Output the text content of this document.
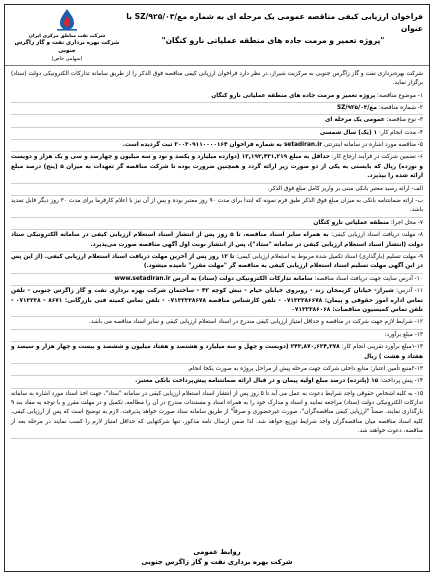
فراخوان ارزیابی کیفی مناقصه عمومی یک مرحله ای به شماره مع/۹۲۵/۰۳/SZ با عنوان
"پروژه تعمیر و مرمت جاده های منطقه عملیاتی نارو کنگان"
شرکت نفت مناطق مرکزی ایران
شرکت بهره برداری نفت و گاز زاگرس جنوبی
(سهامی خاص)
شرکت بهره‌برداری نفت و گاز زاگرس جنوبی به مرکزیت شیراز، در نظر دارد فراخوان ارزیابی کیفی مناقصه فوق الذکر را از طریق سامانه تدارکات الکترونیکی دولت (ستاد) برگزار نماید.
۱- موضوع مناقصه: پروژه تعمیر و مرمت جاده های منطقه عملیاتی نارو کنگان
۲- شماره مناقصه: مع/۹۲۵/۰۳/SZ
۳- نوع مناقصه: عمومی یک مرحله ای
۴- مدت انجام کار: ۱ (یک) سال شمسی
۵- مناقصه مورد اشاره در سامانه اینترنتی setadiran.ir به شماره فراخوان ۲۰۰۳۰۹۱۱۰۰۰۰۱۶۴ ثبت گردیده است.
۶- تضمین شرکت در فرآیند ارجاع کار: حداقل به مبلغ ۱۲,۱۹۳,۴۳۱,۲۱۹ (دوازده میلیارد و یکصد و نود و سه میلیون و چهارصد و سی و یک هزار و دویست و نوزده) ریال که بایستی به یکی از دو صورت زیر ارائه گردد و همچنین ضرورت بوده تا شرکت مناقصه گر تعهدات به میزان ۵ (پنج) درصد مبلغ ارائه شده را بپذیرد.
الف- ارائه رسید معتبر بانکی مبنی بر واریز کامل مبلغ فوق الذکر.
ب- ارائه ضمانتنامه بانکی به میزان مبلغ فوق الذکر طبق فرم نمونه که ابتدا برای مدت ۹۰ روز معتبر بوده و پس از آن نیز با اعلام کارفرما برای مدت ۳۰ روز دیگر قابل تمدید باشد.
۷- محل اجرا: منطقه عملیاتی نارو کنگان
۸- مهلت دریافت اسناد ارزیابی کیفی: به همراه سایر اسناد مناقصه، تا ۵ روز پس از انتشار اسناد استعلام ارزیابی کیفی در سامانه الکترونیکی ستاد دولت (انتشار اسناد استعلام ارزیابی کیفی در سامانه "ستاد")، پس از انتشار نوبت اول آگهی مناقصه صورت می‌پذیرد.
۹- مهلت تسلیم (بارگذاری) اسناد تکمیل شده مربوط به استعلام ارزیابی کیفی: تا ۱۲ روز پس از آخرین مهلت دریافت اسناد استعلام ارزیابی کیفی. (از این پس در این آگهی مهلت تسلیم اسناد استعلام ارزیابی کیفی به مناقصه گر "مهلت مقرر" نامیده میشود.)
۱۰- آدرس سایت جهت دریافت اسناد مناقصه: سامانه تدارکات الکترونیکی دولت (ستاد) به آدرس www.setadiran.ir
۱۱- آدرس: شیراز- خیابان کریمخان زند - روبروی خیابان خیام - نبش کوچه ۴۲ - ساختمان شرکت بهره برداری نفت و گاز زاگرس جنوبی - تلفن تماس اداره امور حقوقی و پیمان: ۰۷۱۳۲۳۸۶۶۷۸ - تلفن کارشناس مناقصه ۰۷۱۳۲۳۳۸۶۷۸ - تلفن تماس کمیته فنی بازرگانی: ۸۶۷۱ - ۰۷۱۳۲۳۸ - تلفن تماس کمیسیون مناقصات: ۰۷۱۳۲۳۸۶۰۶۸
۱۲- شرایط لازم جهت شرکت در مناقصه و حداقل امتیاز ارزیابی کیفی مندرج در اسناد استعلام ارزیابی کیفی و سایر اسناد مناقصه می باشد.
۱۳- مبلغ برآورد:
۱-۱۳مبلغ برآورد تقریبی انجام کار: ۲۴۳,۸۷۰,۶۲۴,۳۷۸ (دویست و چهل و سه میلیارد و هشتصد و هفتاد میلیون و ششصد و بیست و چهار هزار و سیصد و هفتاد و هشت ) ریال
۲-۱۳منبع تأمین اعتبار: منابع داخلی شرکت جهت مرحله پیش از مراحل پروژه به صورت یکجا انجام.
۱۴- پیش پرداخت: ۱۵ (پانزده) درصد مبلغ اولیه پیمان و در قبال ارائه ضمانتنامه پیش‌پرداخت بانکی معتبر.
۱۵- به کلیه اشخاص حقوقی واجد شرایط دعوت به عمل می آید تا ۵ روز پس از انتشار اسناد استعلام ارزیابی کیفی در سامانه "ستاد"، جهت اخذ اسناد مورد اشاره به سامانه تدارکات الکترونیکی دولت (ستاد) مراجعه نمایند و اسناد و مدارک خود را به همراه اسناد و مستندات مندرج در آن را مطالعه، تکمیل و در مهلت مقرر و با توجه به مفاد بند ۹ بارگذاری نمایند. ضمناً "ارزیابی کیفی مناقصه‌گران"، صورت غیرحضوری و صرفاً" از طریق سامانه ستاد صورت خواهد پذیرفت. لازم به توضیح است که پس از ارزیابی کیفی، کلیه اسناد مناقصه میان مناقصه‌گران واجد شرایط توزیع خواهد شد. لذا ضمن ارسال نامه مذکور، تنها شرکتهایی که حداقل امتیاز لازم را کسب نمایند در مرحله بعد از مناقصه، دعوت خواهند شد.
روابط عمومی
شرکت بهره برداری نفت و گاز زاگرس جنوبی
